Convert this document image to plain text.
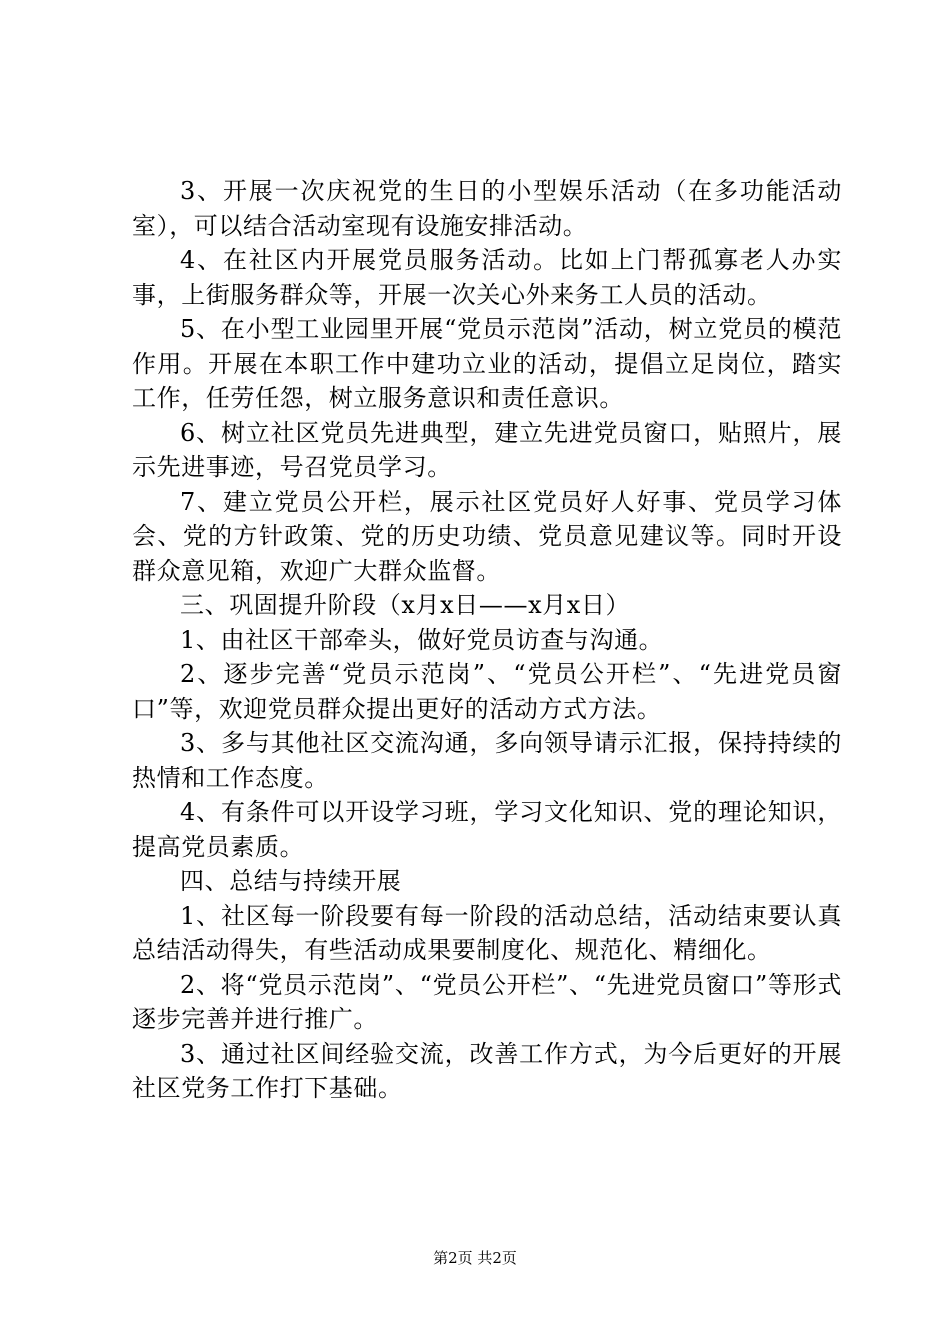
3、开展一次庆祝党的生日的小型娱乐活动（在多功能活动室），可以结合活动室现有设施安排活动。

4、在社区内开展党员服务活动。比如上门帮孤寡老人办实事，上街服务群众等，开展一次关心外来务工人员的活动。

5、在小型工业园里开展“党员示范岗”活动，树立党员的模范作用。开展在本职工作中建功立业的活动，提倡立足岗位，踏实工作，任劳任怨，树立服务意识和责任意识。

6、树立社区党员先进典型，建立先进党员窗口，贴照片，展示先进事迹，号召党员学习。

7、建立党员公开栏，展示社区党员好人好事、党员学习体会、党的方针政策、党的历史功绩、党员意见建议等。同时开设群众意见箱，欢迎广大群众监督。

三、巩固提升阶段（x月x日——x月x日）

1、由社区干部牵头，做好党员访查与沟通。

2、逐步完善“党员示范岗”、“党员公开栏”、“先进党员窗口”等，欢迎党员群众提出更好的活动方式方法。

3、多与其他社区交流沟通，多向领导请示汇报，保持持续的热情和工作态度。

4、有条件可以开设学习班，学习文化知识、党的理论知识，提高党员素质。

四、总结与持续开展

1、社区每一阶段要有每一阶段的活动总结，活动结束要认真总结活动得失，有些活动成果要制度化、规范化、精细化。

2、将“党员示范岗”、“党员公开栏”、“先进党员窗口”等形式逐步完善并进行推广。

3、通过社区间经验交流，改善工作方式，为今后更好的开展社区党务工作打下基础。

第2页 共2页
